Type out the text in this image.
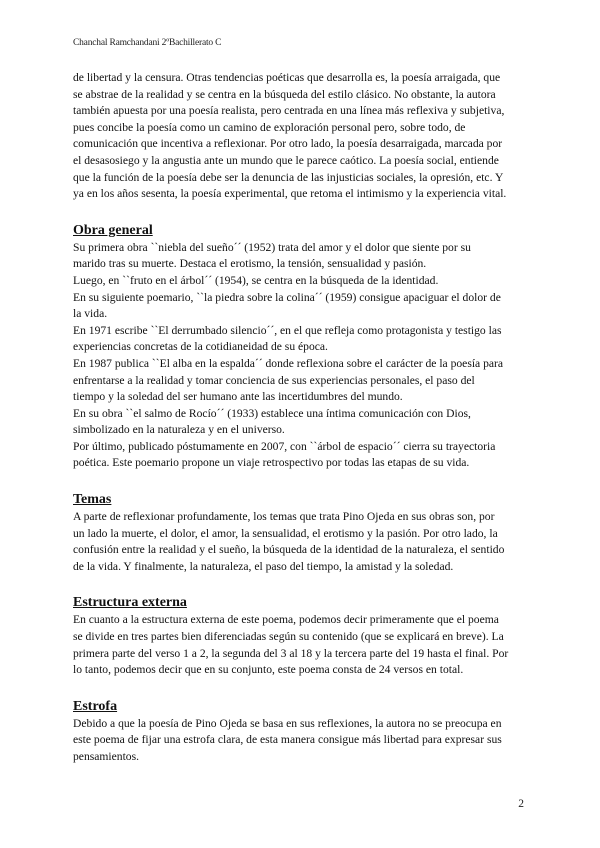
Chanchal Ramchandani 2ºBachillerato C

de libertad y la censura. Otras tendencias poéticas que desarrolla es, la poesía arraigada, que
se abstrae de la realidad y se centra en la búsqueda del estilo clásico. No obstante, la autora
también apuesta por una poesía realista, pero centrada en una línea más reflexiva y subjetiva,
pues concibe la poesía como un camino de exploración personal pero, sobre todo, de
comunicación que incentiva a reflexionar. Por otro lado, la poesía desarraigada, marcada por
el desasosiego y la angustia ante un mundo que le parece caótico. La poesía social, entiende
que la función de la poesía debe ser la denuncia de las injusticias sociales, la opresión, etc. Y
ya en los años sesenta, la poesía experimental, que retoma el intimismo y la experiencia vital.

Obra general

Su primera obra ``niebla del sueño´´ (1952) trata del amor y el dolor que siente por su
marido tras su muerte. Destaca el erotismo, la tensión, sensualidad y pasión.
Luego, en ``fruto en el árbol´´ (1954), se centra en la búsqueda de la identidad.
En su siguiente poemario, ``la piedra sobre la colina´´ (1959) consigue apaciguar el dolor de
la vida.
En 1971 escribe ``El derrumbado silencio´´, en el que refleja como protagonista y testigo las
experiencias concretas de la cotidianeidad de su época.
En 1987 publica ``El alba en la espalda´´ donde reflexiona sobre el carácter de la poesía para
enfrentarse a la realidad y tomar conciencia de sus experiencias personales, el paso del
tiempo y la soledad del ser humano ante las incertidumbres del mundo.
En su obra ``el salmo de Rocío´´ (1933) establece una íntima comunicación con Dios,
simbolizado en la naturaleza y en el universo.
Por último, publicado póstumamente en 2007, con ``árbol de espacio´´ cierra su trayectoria
poética. Este poemario propone un viaje retrospectivo por todas las etapas de su vida.

Temas

A parte de reflexionar profundamente, los temas que trata Pino Ojeda en sus obras son, por
un lado la muerte, el dolor, el amor, la sensualidad, el erotismo y la pasión. Por otro lado, la
confusión entre la realidad y el sueño, la búsqueda de la identidad de la naturaleza, el sentido
de la vida. Y finalmente, la naturaleza, el paso del tiempo, la amistad y la soledad.

Estructura externa

En cuanto a la estructura externa de este poema, podemos decir primeramente que el poema
se divide en tres partes bien diferenciadas según su contenido (que se explicará en breve). La
primera parte del verso 1 a 2, la segunda del 3 al 18 y la tercera parte del 19 hasta el final. Por
lo tanto, podemos decir que en su conjunto, este poema consta de 24 versos en total.

Estrofa

Debido a que la poesía de Pino Ojeda se basa en sus reflexiones, la autora no se preocupa en
este poema de fijar una estrofa clara, de esta manera consigue más libertad para expresar sus
pensamientos.

2
